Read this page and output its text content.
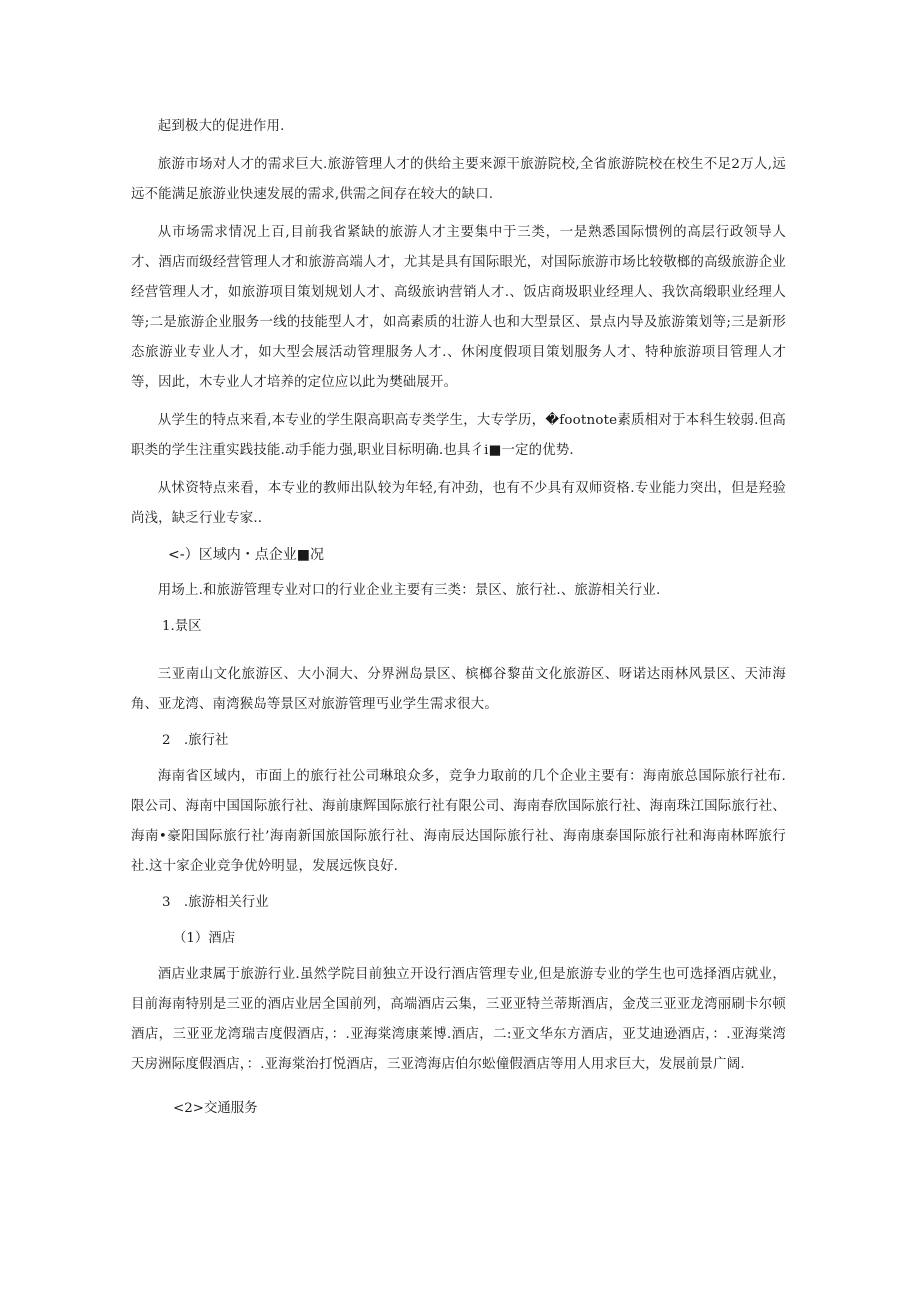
起到极大的促进作用.

旅游市场对人才的需求巨大.旅游管理人才的供给主要来源干旅游院校,全省旅游院校在校生不足2万人,远远不能满足旅游业快速发展的需求,供需之间存在较大的缺口.

从市场需求情况上百,目前我省紧缺的旅游人才主要集中于三类，一是熟悉国际惯例的高层行政领导人才、酒店而级经营管理人才和旅游高端人才，尤其是具有国际眼光，对国际旅游市场比较敬榔的高级旅游企业经营管理人才，如旅游项目策划规划人才、高级旅讷营销人才.、饭店商圾职业经理人、我饮高缎职业经理人等;二是旅游企业服务一线的技能型人才，如高素质的壮游人也和大型景区、景点内导及旅游策划等;三是新形态旅游业专业人才，如大型会展活动管理服务人才.、休闲度假项目策划服务人才、特种旅游项目管理人才等，因此，木专业人才培养的定位应以此为樊础展开。

从学生的特点来看,本专业的学生限高职高专类学生，大专学历，�footnote素质相对于本科生较弱.但高职类的学生注重实践技能.动手能力强,职业目标明确.也具彳i■一定的优势.

从怵资特点来看，本专业的教师出队较为年轻,有冲劲，也有不少具有双师资格.专业能力突出，但是羟验尚浅，缺乏行业专家..

<-）区域内・点企业■况

用场上.和旅游管理专业对口的行业企业主要有三类：景区、旅行社.、旅游相关行业.

1.景区

三亚南山文化旅游区、大小洞大、分界洲岛景区、槟榔谷黎苗文化旅游区、呀诺达雨林风景区、天沛海角、亚龙湾、南湾猴岛等景区对旅游管理丐业学生需求很大。

2　.旅行社

海南省区域内，市面上的旅行社公司琳琅众多，竞争力取前的几个企业主要有：海南旅总国际旅行社布.限公司、海南中国国际旅行社、海前康辉国际旅行社有限公司、海南春欣国际旅行社、海南珠江国际旅行社、海南•豪阳国际旅行社’海南新国旅国际旅行社、海南辰达国际旅行社、海南康泰国际旅行社和海南林晖旅行社.这十家企业竞争优妗明显，发展远恢良好.

3　.旅游相关行业

（1）酒店

酒店业隶属于旅游行业.虽然学院目前独立开设行酒店管理专业,但是旅游专业的学生也可选择酒店就业，目前海南特别是三亚的酒店业居全国前列，高端酒店云集，三亚亚特兰蒂斯酒店，金茂三亚亚龙湾丽刷卡尔顿酒店，三亚亚龙湾瑞吉度假酒店，：.亚海棠湾康莱博.酒店，二:亚文华东方酒店，亚艾迪逊酒店，：.亚海棠湾天房洲际度假酒店，：.亚海棠治打悦酒店，三亚湾海店伯尔蚣僮假酒店等用人用求巨大，发展前景广阔.

<2>交通服务
